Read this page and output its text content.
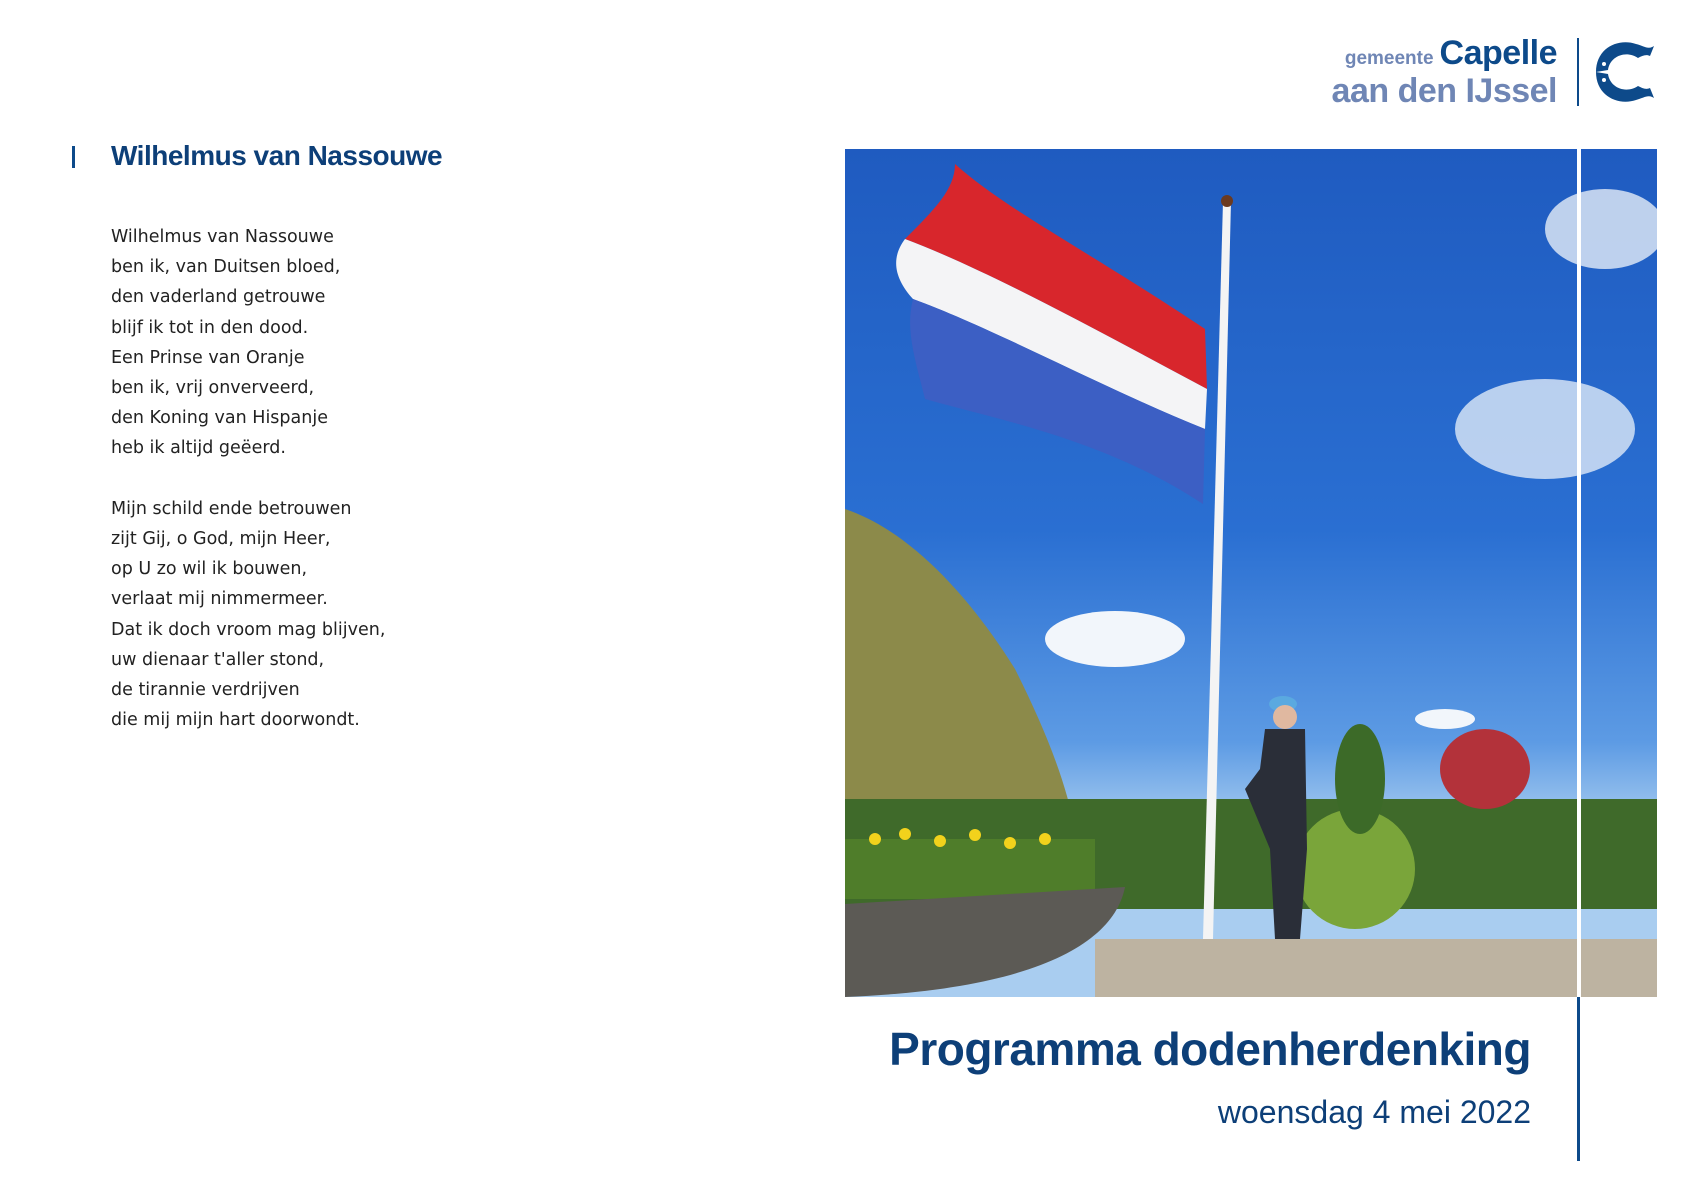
gemeente Capelle
aan den IJssel
Wilhelmus van Nassouwe
Wilhelmus van Nassouwe
ben ik, van Duitsen bloed,
den vaderland getrouwe
blijf ik tot in den dood.
Een Prinse van Oranje
ben ik, vrij onverveerd,
den Koning van Hispanje
heb ik altijd geëerd.
Mijn schild ende betrouwen
zijt Gij, o God, mijn Heer,
op U zo wil ik bouwen,
verlaat mij nimmermeer.
Dat ik doch vroom mag blijven,
uw dienaar t'aller stond,
de tirannie verdrijven
die mij mijn hart doorwondt.
Programma dodenherdenking
woensdag 4 mei 2022
